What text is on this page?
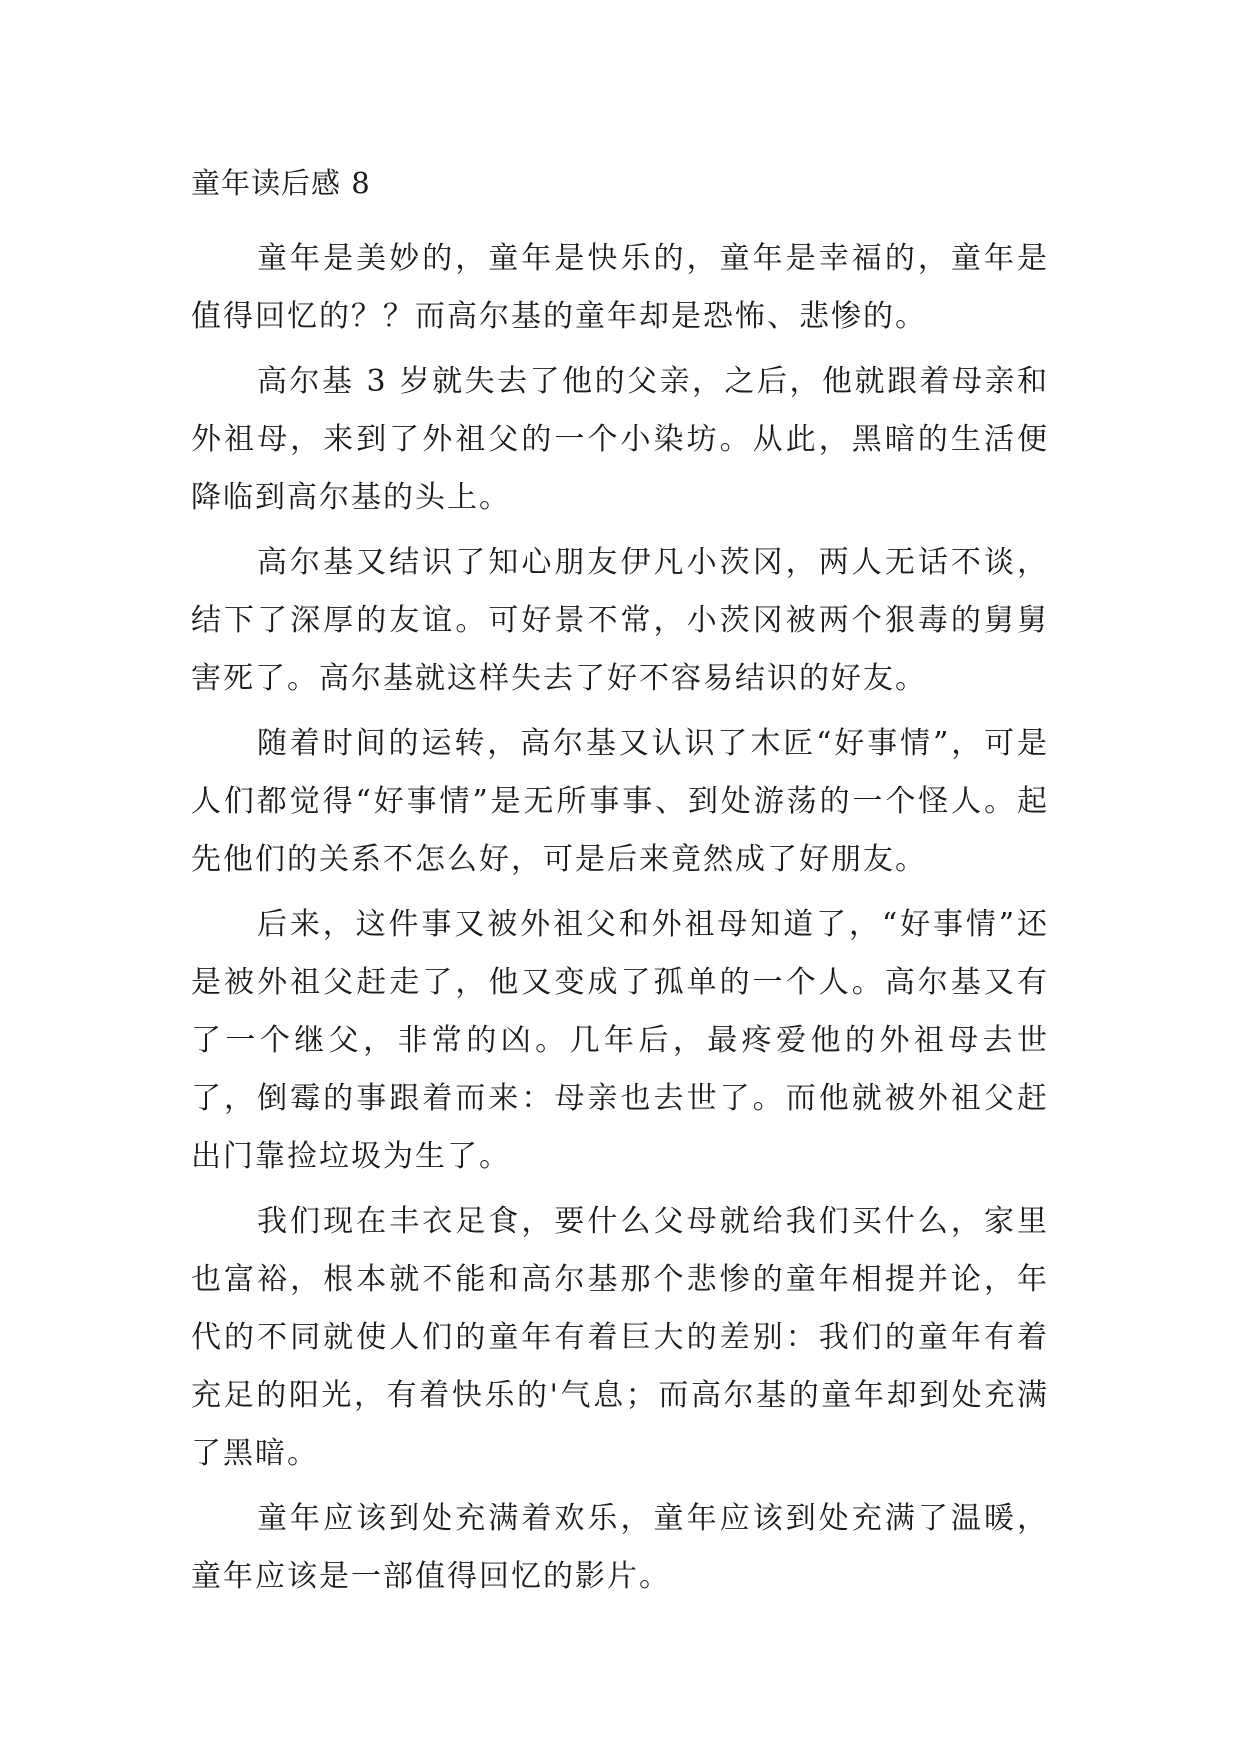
童年读后感 8

童年是美妙的，童年是快乐的，童年是幸福的，童年是值得回忆的？？而高尔基的童年却是恐怖、悲惨的。

高尔基 3 岁就失去了他的父亲，之后，他就跟着母亲和外祖母，来到了外祖父的一个小染坊。从此，黑暗的生活便降临到高尔基的头上。

高尔基又结识了知心朋友伊凡小茨冈，两人无话不谈，结下了深厚的友谊。可好景不常，小茨冈被两个狠毒的舅舅害死了。高尔基就这样失去了好不容易结识的好友。

随着时间的运转，高尔基又认识了木匠“好事情”，可是人们都觉得“好事情”是无所事事、到处游荡的一个怪人。起先他们的关系不怎么好，可是后来竟然成了好朋友。

后来，这件事又被外祖父和外祖母知道了，“好事情”还是被外祖父赶走了，他又变成了孤单的一个人。高尔基又有了一个继父，非常的凶。几年后，最疼爱他的外祖母去世了，倒霉的事跟着而来：母亲也去世了。而他就被外祖父赶出门靠捡垃圾为生了。

我们现在丰衣足食，要什么父母就给我们买什么，家里也富裕，根本就不能和高尔基那个悲惨的童年相提并论，年代的不同就使人们的童年有着巨大的差别：我们的童年有着充足的阳光，有着快乐的'气息；而高尔基的童年却到处充满了黑暗。

童年应该到处充满着欢乐，童年应该到处充满了温暖，童年应该是一部值得回忆的影片。
